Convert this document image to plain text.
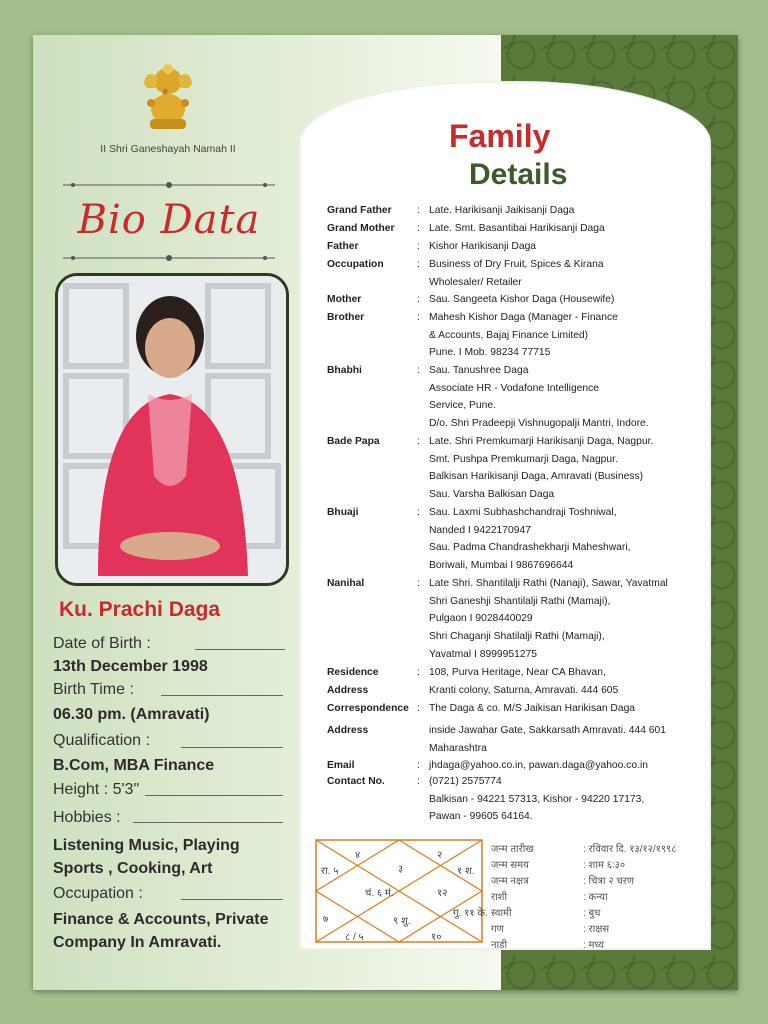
II Shri Ganeshayah Namah II
Bio Data
Ku. Prachi Daga
Date of Birth :
13th December 1998
Birth Time :
06.30 pm. (Amravati)
Qualification :
B.Com, MBA Finance
Height : 5'3"
Hobbies :
Listening Music, Playing
Sports , Cooking, Art
Occupation :
Finance & Accounts, Private
Company In Amravati.
Family
Details
Grand Father : Late. Harikisanji Jaikisanji Daga
Grand Mother : Late. Smt. Basantibai Harikisanji Daga
Father	: Kishor Harikisanji Daga
Occupation	: Business of Dry Fruit, Spices & Kirana
Wholesaler/ Retailer
Mother	: Sau. Sangeeta Kishor Daga (Housewife)
Brother	: Mahesh Kishor Daga (Manager - Finance
& Accounts, Bajaj Finance Limited)
Pune. I Mob. 98234 77715
Bhabhi	: Sau. Tanushree Daga
Associate HR - Vodafone Intelligence
Service, Pune.
D/o. Shri Pradeepji Vishnugopalji Mantri, Indore.
Bade Papa	: Late. Shri Premkumarji Harikisanji Daga, Nagpur.
Smt. Pushpa Premkumarji Daga, Nagpur.
Balkisan Harikisanji Daga, Amravati (Business)
Sau. Varsha Balkisan Daga
Bhuaji	: Sau. Laxmi Subhashchandraji Toshniwal,
Nanded I 9422170947
Sau. Padma Chandrashekharji Maheshwari,
Boriwali, Mumbai I 9867696644
Nanihal	: Late Shri. Shantilalji Rathi (Nanaji), Sawar, Yavatmal
Shri Ganeshji Shantilalji Rathi (Mamaji),
Pulgaon I 9028440029
Shri Chaganji Shatilalji Rathi (Mamaji),
Yavatmal I 8999951275
Residence	: 108, Purva Heritage, Near CA Bhavan,
Address	Kranti colony, Saturna, Amravati. 444 605
Correspondence : The Daga & co. M/S Jaikisan Harikisan Daga
Address	inside Jawahar Gate, Sakkarsath Amravati. 444 601
Maharashtra
Email	: jhdaga@yahoo.co.in, pawan.daga@yahoo.co.in
Contact No.	: (0721) 2575774
Balkisan - 94221 57313, Kishor - 94220 17173,
Pawan - 99605 64164.
४
३
२
रा. ५	१ श.
चं. ६ मं.	१२
७	९ शु.
गु. ११ के.
८ / ५	१०
जन्म तारीख	: रविवार दि. १३/१२/१९९८
जन्म समय	: शाम ६:३०
जन्म नक्षत्र	: चित्रा २ चरण
राशी	: कन्या
स्वामी	: बुध
गण	: राक्षस
नाडी	: मध्य
